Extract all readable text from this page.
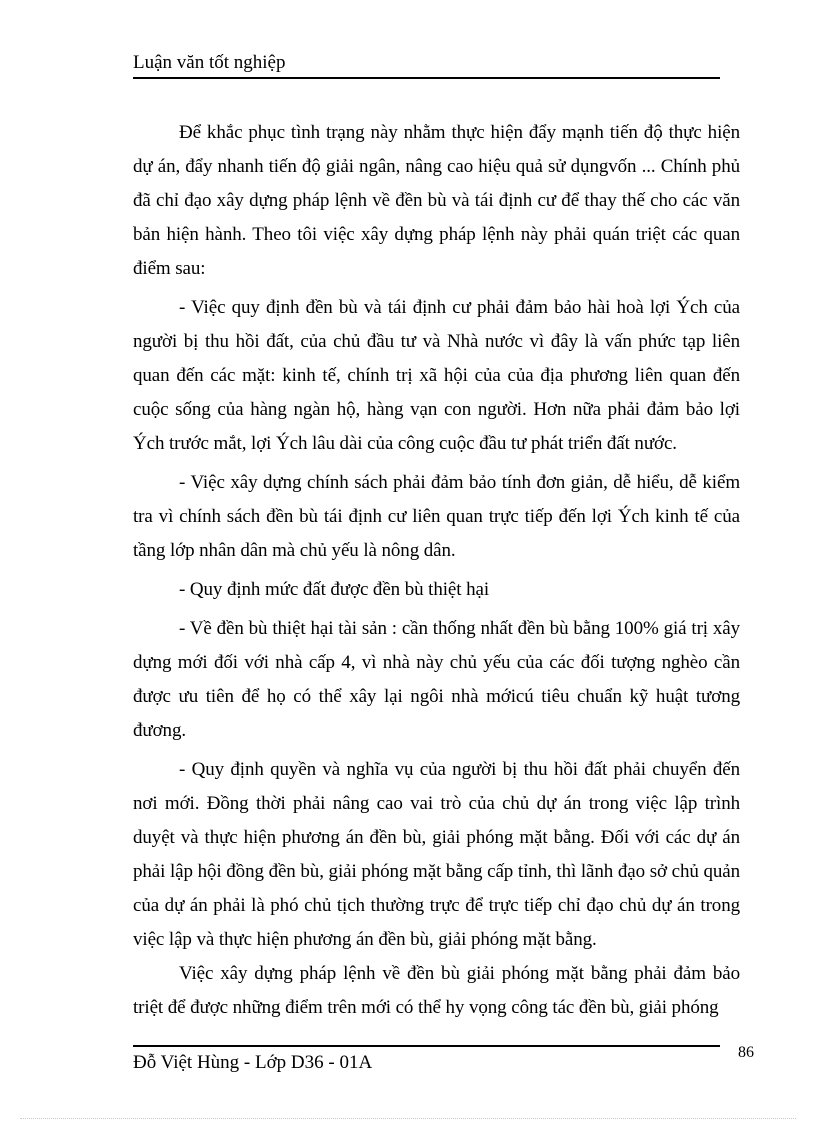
Luận văn tốt nghiệp

Để khắc phục tình trạng này nhằm thực hiện đẩy mạnh tiến độ thực hiện dự án, đẩy nhanh tiến độ giải ngân, nâng cao hiệu quả sử dụngvốn ... Chính phủ đã chỉ đạo xây dựng pháp lệnh về đền bù và tái định cư để thay thế cho các văn bản hiện hành. Theo tôi việc xây dựng pháp lệnh này phải quán triệt các quan điểm sau:

- Việc quy định đền bù và tái định cư phải đảm bảo hài hoà lợi Ých của người bị thu hồi đất, của chủ đầu tư và Nhà nước vì đây là vấn phức tạp liên quan đến các mặt: kinh tế, chính trị xã hội của của địa phương liên quan đến cuộc sống của hàng ngàn hộ, hàng vạn con người. Hơn nữa phải đảm bảo lợi Ých trước mắt, lợi Ých lâu dài của công cuộc đầu tư phát triển đất nước.

- Việc xây dựng chính sách phải đảm bảo tính đơn giản, dễ hiểu, dễ kiểm tra vì chính sách đền bù tái định cư liên quan trực tiếp đến lợi Ých kinh tế của tầng lớp nhân dân mà chủ yếu là nông dân.

- Quy định mức đất được đền bù thiệt hại

- Về đền bù thiệt hại tài sản : cần thống nhất đền bù bằng 100% giá trị xây dựng mới đối với nhà cấp 4, vì nhà này chủ yếu của các đối tượng nghèo cần được ưu tiên để họ có thể xây lại ngôi nhà mớicú tiêu chuẩn kỹ huật tương đương.

- Quy định quyền và nghĩa vụ của người bị thu hồi đất phải chuyển đến nơi mới. Đồng thời phải nâng cao vai trò của chủ dự án trong việc lập trình duyệt và thực hiện phương án đền bù, giải phóng mặt bằng. Đối với các dự án phải lập hội đồng đền bù, giải phóng mặt bằng cấp tỉnh, thì lãnh đạo sở chủ quản của dự án phải là phó chủ tịch thường trực để trực tiếp chỉ đạo chủ dự án trong việc lập và thực hiện phương án đền bù, giải phóng mặt bằng.

Việc xây dựng pháp lệnh về đền bù giải phóng mặt bằng phải đảm bảo triệt để được những điểm trên mới có thể hy vọng công tác đền bù, giải phóng

Đỗ Việt Hùng - Lớp D36 - 01A	86
